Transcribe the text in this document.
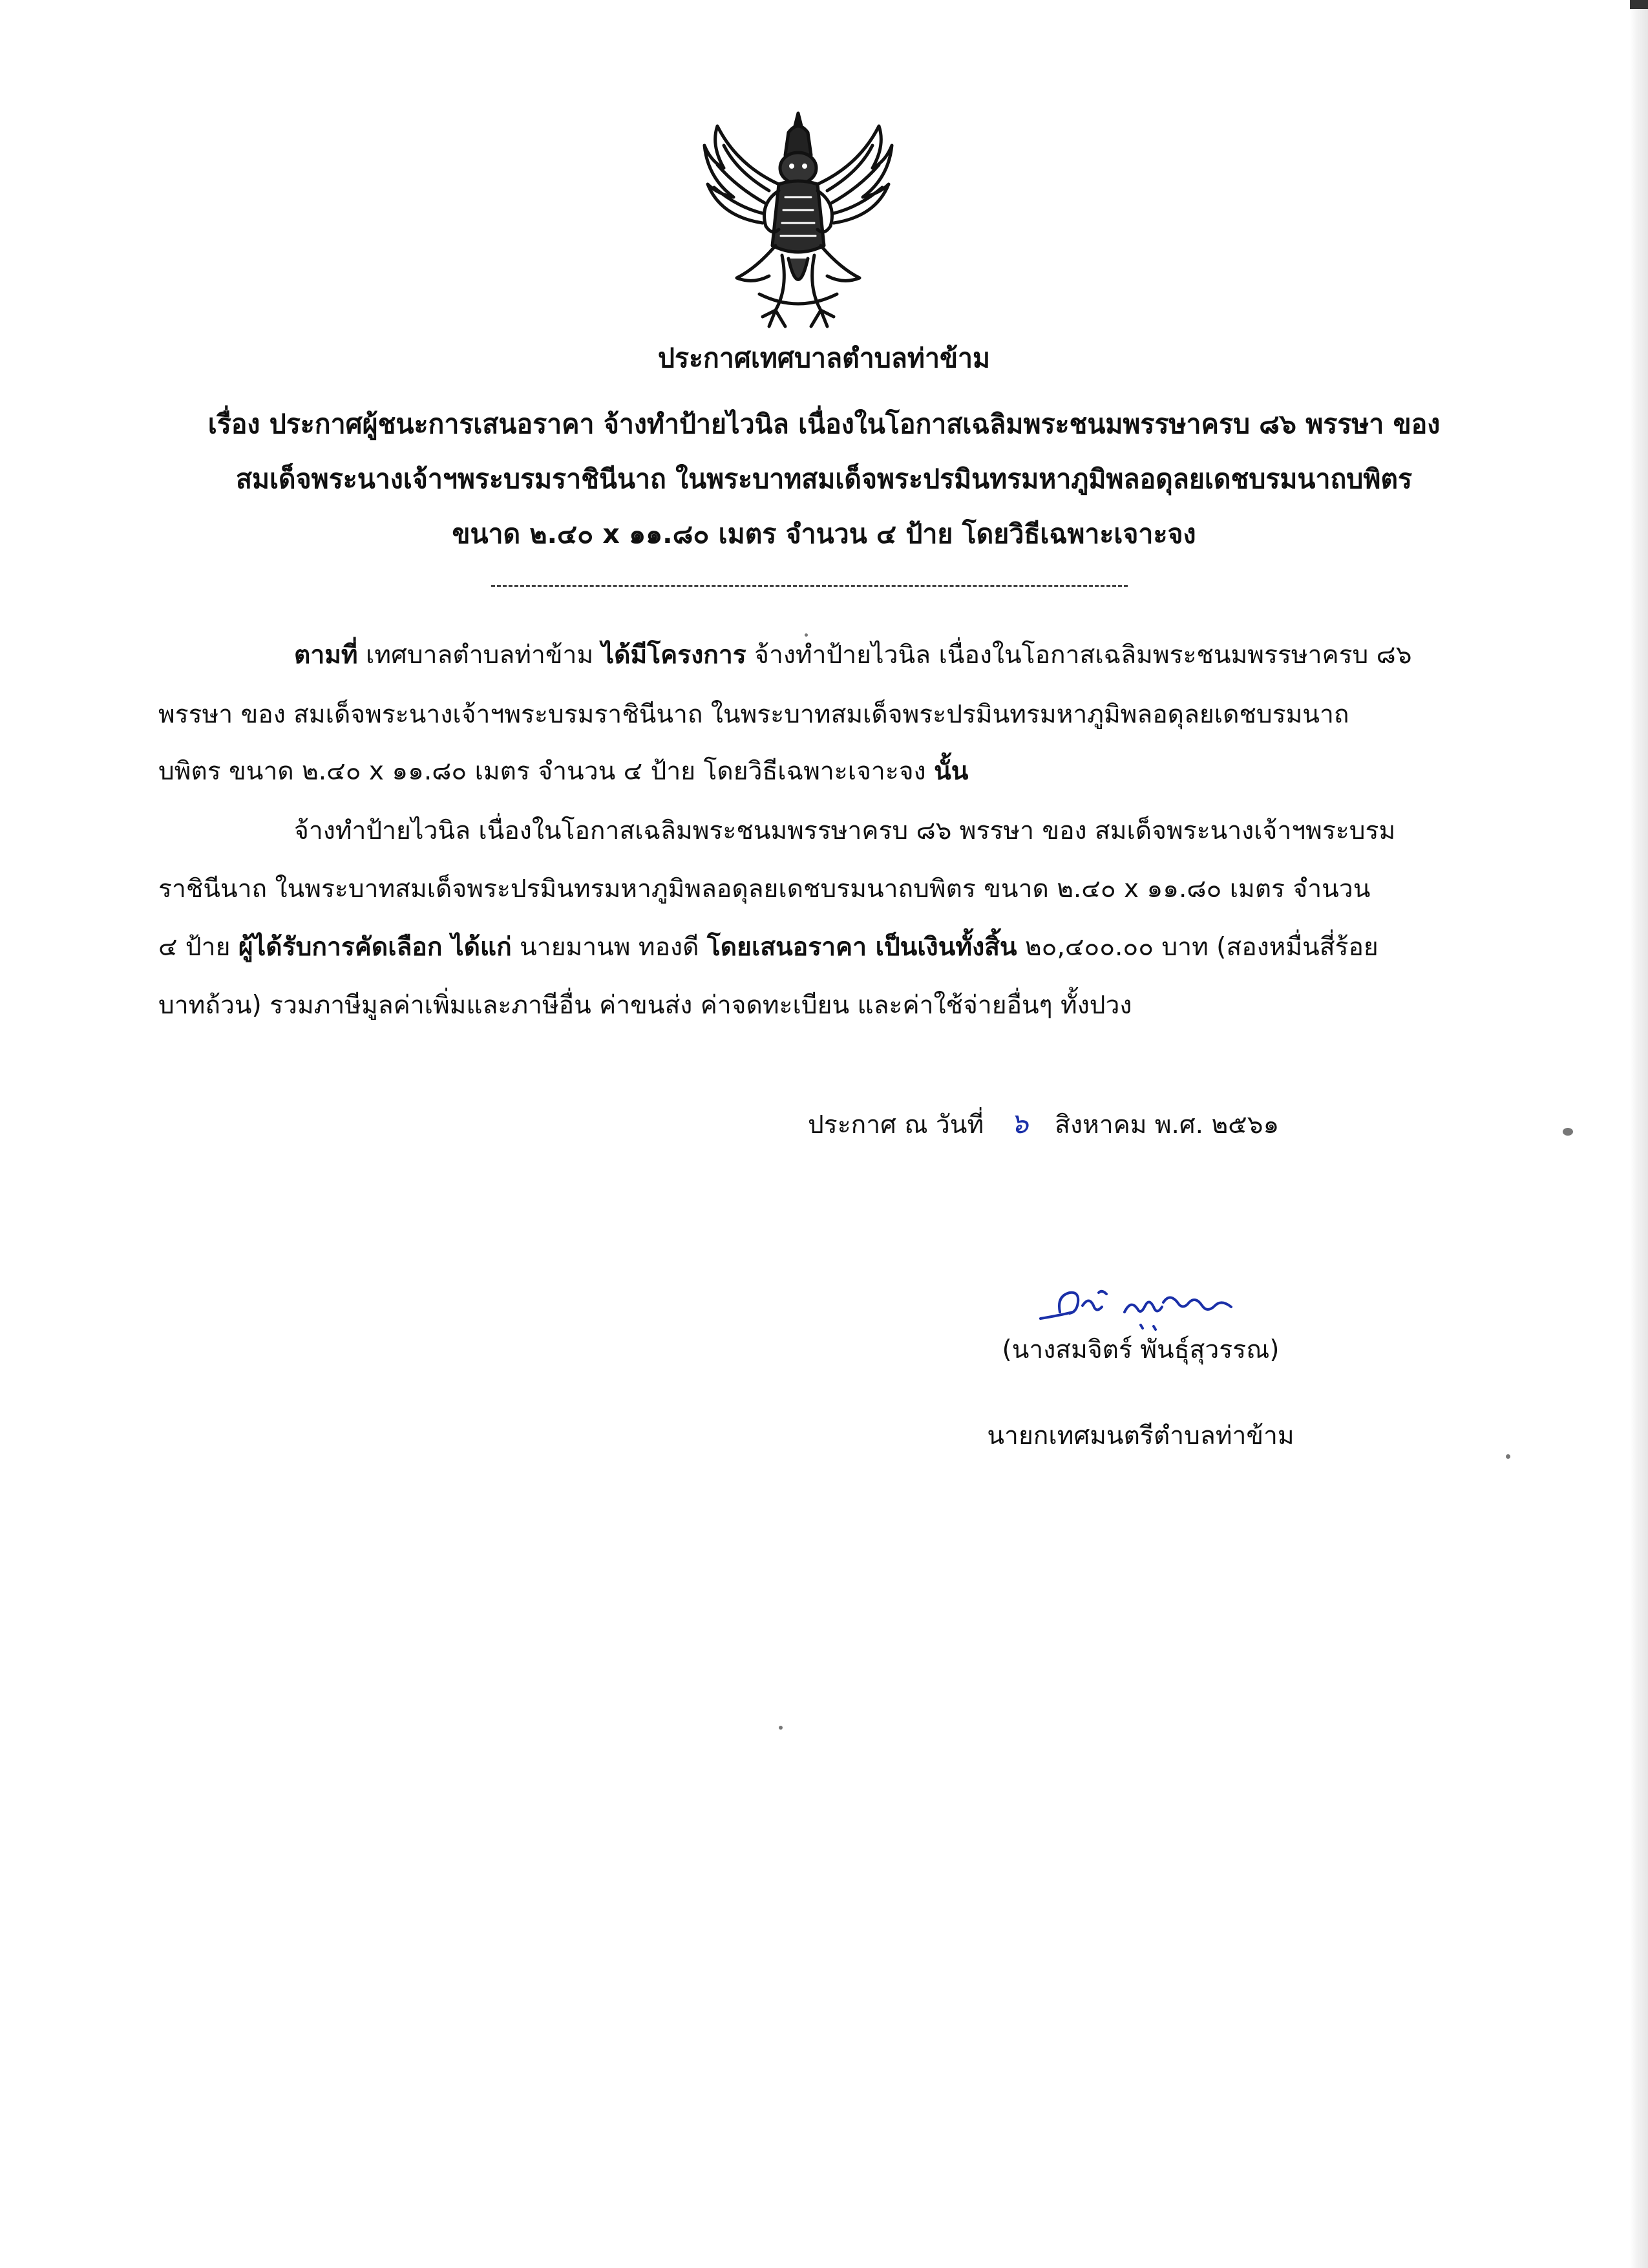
ประกาศเทศบาลตำบลท่าข้าม
เรื่อง ประกาศผู้ชนะการเสนอราคา จ้างทำป้ายไวนิล เนื่องในโอกาสเฉลิมพระชนมพรรษาครบ ๘๖ พรรษา ของ
สมเด็จพระนางเจ้าฯพระบรมราชินีนาถ ในพระบาทสมเด็จพระปรมินทรมหาภูมิพลอดุลยเดชบรมนาถบพิตร
ขนาด ๒.๔๐ x ๑๑.๘๐ เมตร จำนวน ๔ ป้าย โดยวิธีเฉพาะเจาะจง
ตามที่ เทศบาลตำบลท่าข้าม ได้มีโครงการ จ้างทำป้ายไวนิล เนื่องในโอกาสเฉลิมพระชนมพรรษาครบ ๘๖
พรรษา ของ สมเด็จพระนางเจ้าฯพระบรมราชินีนาถ ในพระบาทสมเด็จพระปรมินทรมหาภูมิพลอดุลยเดชบรมนาถ
บพิตร ขนาด ๒.๔๐ x ๑๑.๘๐ เมตร จำนวน ๔ ป้าย โดยวิธีเฉพาะเจาะจง นั้น
จ้างทำป้ายไวนิล เนื่องในโอกาสเฉลิมพระชนมพรรษาครบ ๘๖ พรรษา ของ สมเด็จพระนางเจ้าฯพระบรม
ราชินีนาถ ในพระบาทสมเด็จพระปรมินทรมหาภูมิพลอดุลยเดชบรมนาถบพิตร ขนาด ๒.๔๐ x ๑๑.๘๐ เมตร จำนวน
๔ ป้าย ผู้ได้รับการคัดเลือก ได้แก่ นายมานพ ทองดี โดยเสนอราคา เป็นเงินทั้งสิ้น ๒๐,๔๐๐.๐๐ บาท (สองหมื่นสี่ร้อย
บาทถ้วน) รวมภาษีมูลค่าเพิ่มและภาษีอื่น ค่าขนส่ง ค่าจดทะเบียน และค่าใช้จ่ายอื่นๆ ทั้งปวง
ประกาศ ณ วันที่ ๖ สิงหาคม พ.ศ. ๒๕๖๑
(นางสมจิตร์ พันธุ์สุวรรณ)
นายกเทศมนตรีตำบลท่าข้าม
